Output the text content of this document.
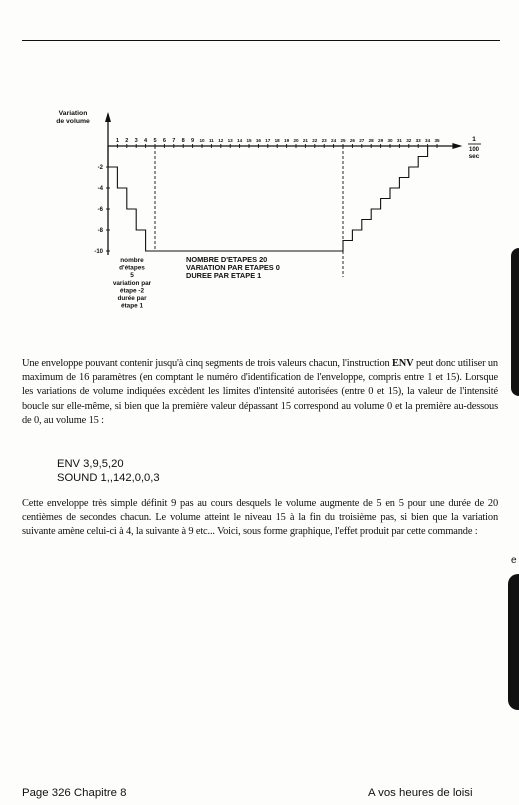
Variation
de volume
1
100
sec
1 2 3 4 5 6 7 8 9 10 11 12 13 14 15 16 17 18 19 20 21 22 23 24 25 26 27 28 29 30 31 32 33 34 35
-2
-4
-6
-8
-10
nombre
d'étapes
5
variation par
étape -2
durée par
étape 1
NOMBRE D'ETAPES 20
VARIATION PAR ETAPES 0
DUREE PAR ETAPE 1

Une enveloppe pouvant contenir jusqu'à cinq segments de trois valeurs chacun, l'instruction ENV peut donc utiliser un maximum de 16 paramètres (en comptant le numéro d'identification de l'enveloppe, compris entre 1 et 15). Lorsque les variations de volume indiquées excèdent les limites d'intensité autorisées (entre 0 et 15), la valeur de l'intensité boucle sur elle-même, si bien que la première valeur dépassant 15 correspond au volume 0 et la première au-dessous de 0, au volume 15 :

ENV 3,9,5,20
SOUND 1,,142,0,0,3

Cette enveloppe très simple définit 9 pas au cours desquels le volume augmente de 5 en 5 pour une durée de 20 centièmes de secondes chacun. Le volume atteint le niveau 15 à la fin du troisième pas, si bien que la variation suivante amène celui-ci à 4, la suivante à 9 etc... Voici, sous forme graphique, l'effet produit par cette commande :

Page 326 Chapitre 8	A vos heures de loisi
e
